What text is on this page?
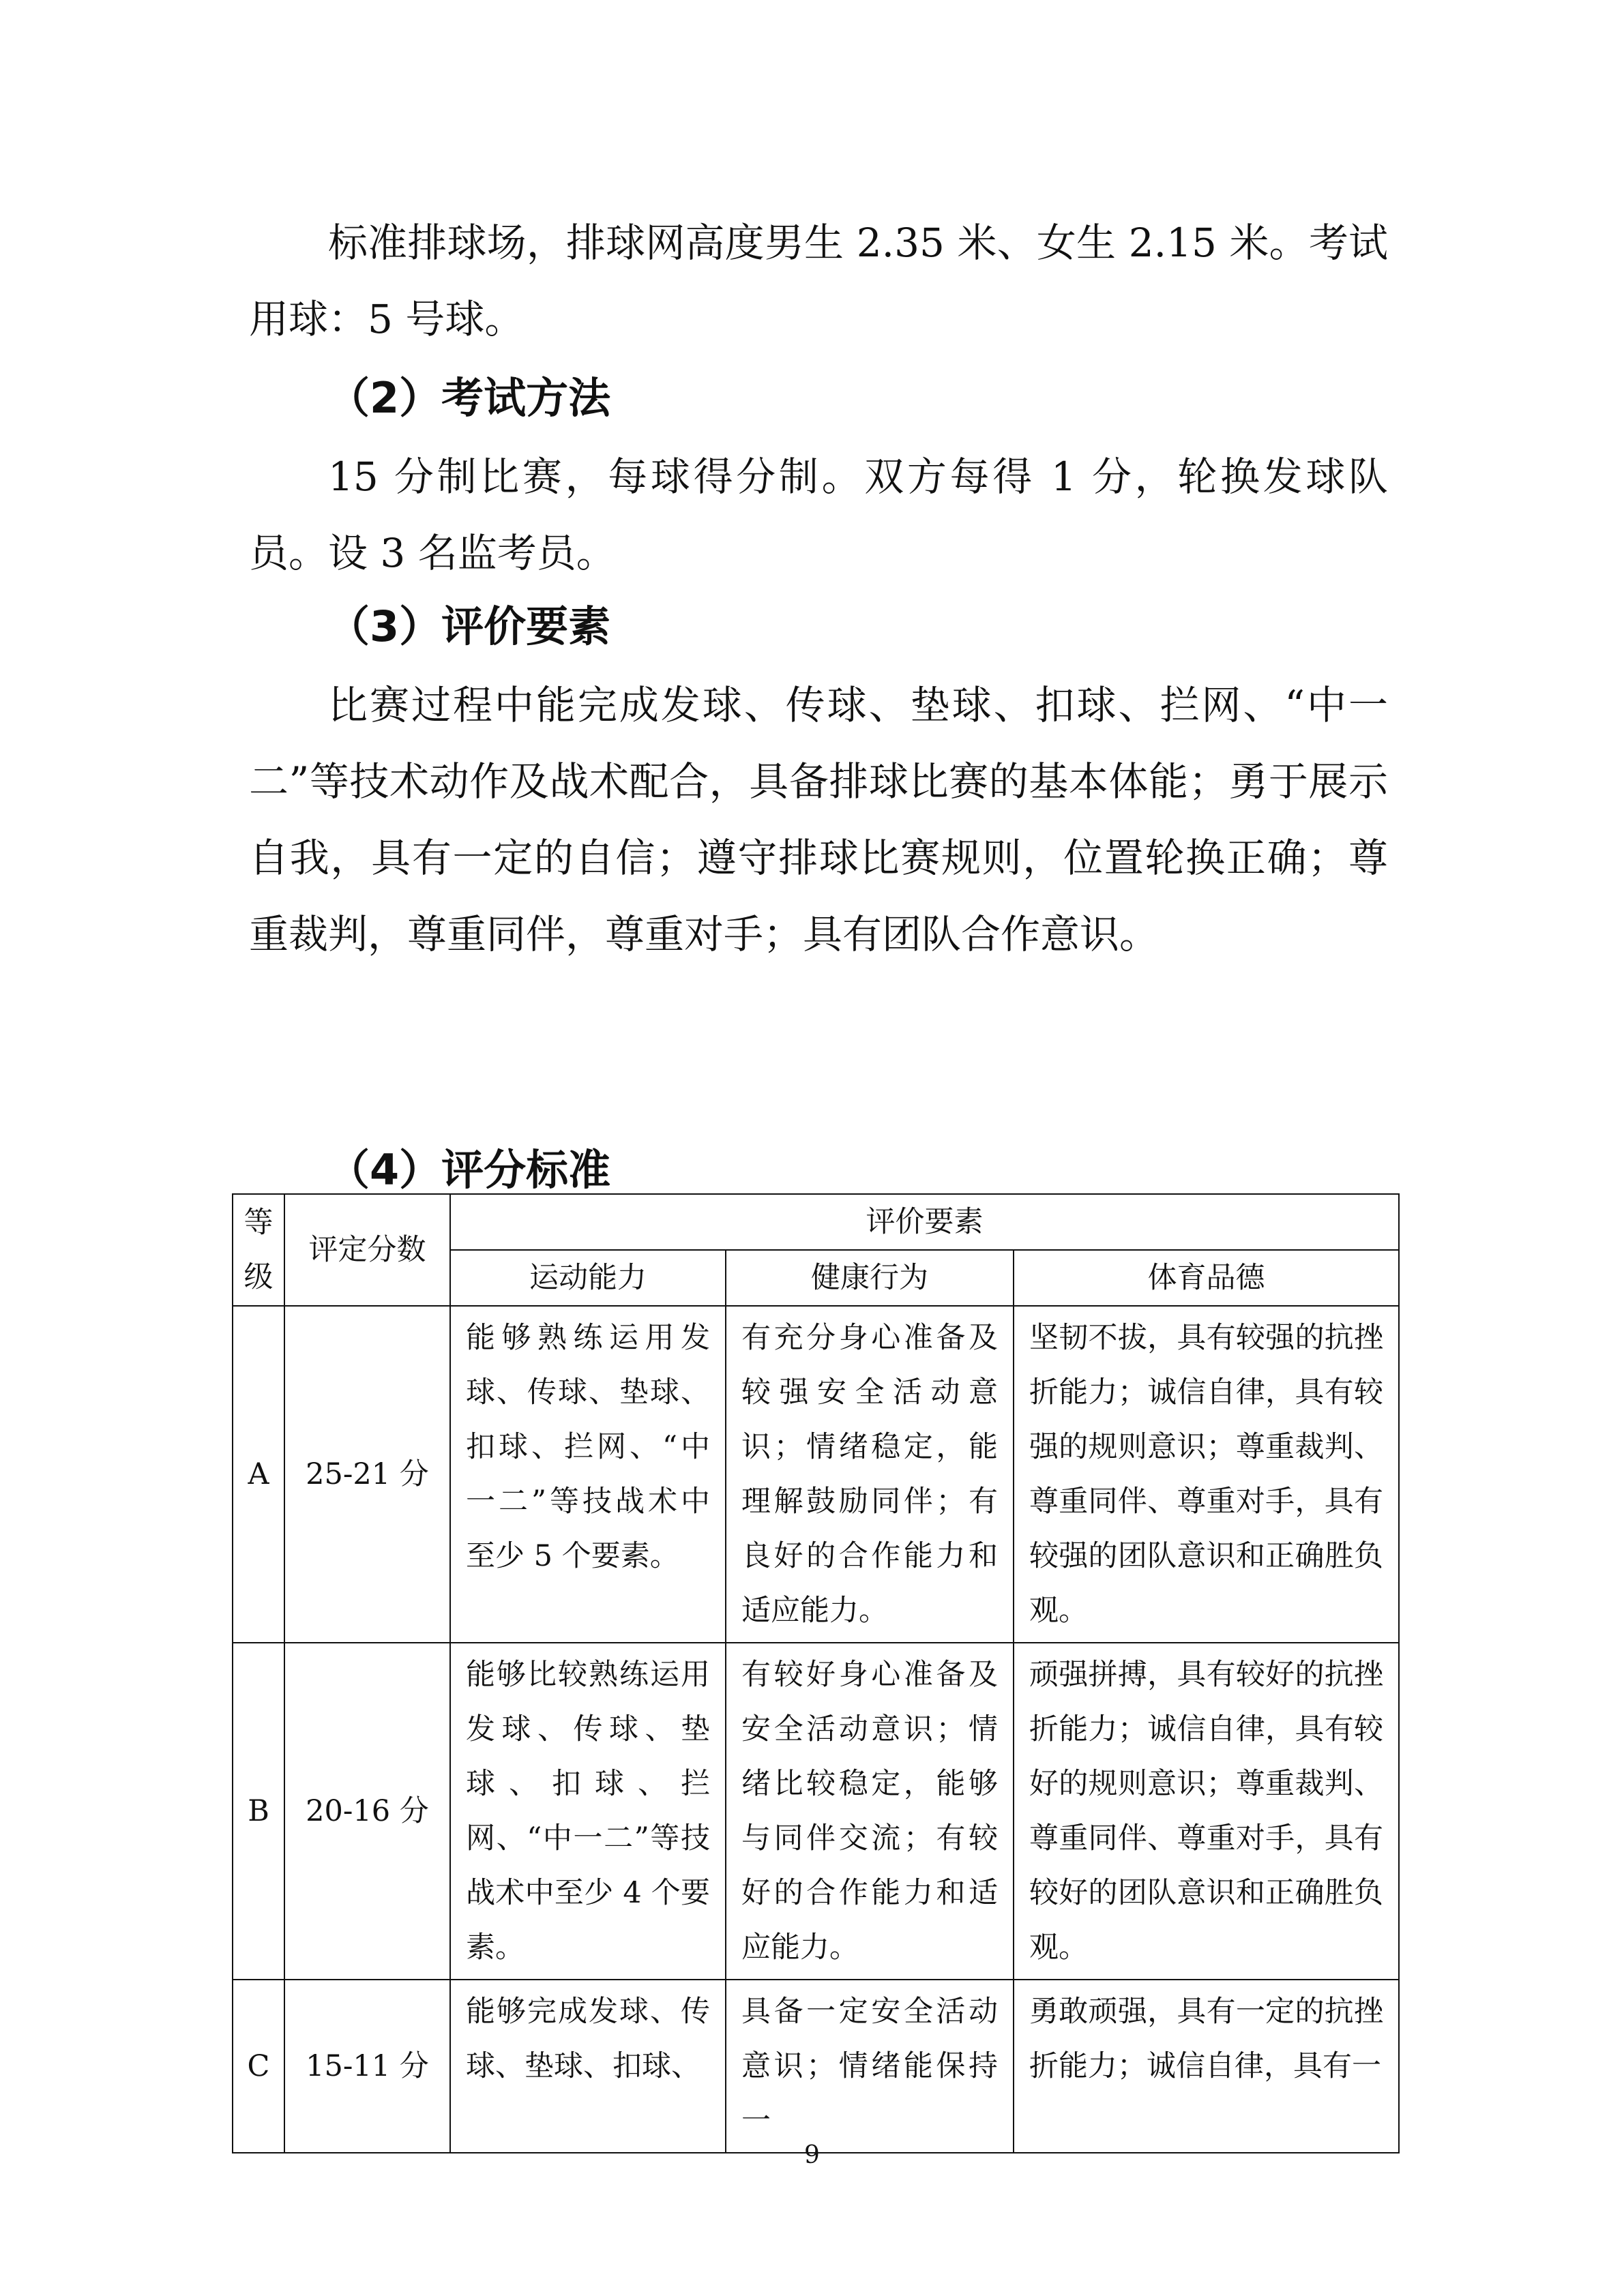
标准排球场，排球网高度男生 2.35 米、女生 2.15 米。考试用球：5 号球。
（2）考试方法
15 分制比赛，每球得分制。双方每得 1 分，轮换发球队员。设 3 名监考员。
（3）评价要素
比赛过程中能完成发球、传球、垫球、扣球、拦网、“中一二”等技术动作及战术配合，具备排球比赛的基本体能；勇于展示自我，具有一定的自信；遵守排球比赛规则，位置轮换正确；尊重裁判，尊重同伴，尊重对手；具有团队合作意识。
（4）评分标准
等级	评定分数	评价要素		
		运动能力	健康行为	体育品德
A	25-21 分	能够熟练运用发球、传球、垫球、扣球、拦网、“中一二”等技战术中至少 5 个要素。	有充分身心准备及较强安全活动意识；情绪稳定，能理解鼓励同伴；有良好的合作能力和适应能力。	坚韧不拔，具有较强的抗挫折能力；诚信自律，具有较强的规则意识；尊重裁判、尊重同伴、尊重对手，具有较强的团队意识和正确胜负观。
B	20-16 分	能够比较熟练运用发球、传球、垫球、扣球、拦网、“中一二”等技战术中至少 4 个要素。	有较好身心准备及安全活动意识；情绪比较稳定，能够与同伴交流；有较好的合作能力和适应能力。	顽强拼搏，具有较好的抗挫折能力；诚信自律，具有较好的规则意识；尊重裁判、尊重同伴、尊重对手，具有较好的团队意识和正确胜负观。
C	15-11 分	能够完成发球、传球、垫球、扣球、	具备一定安全活动意识；情绪能保持一	勇敢顽强，具有一定的抗挫折能力；诚信自律，具有一
9
